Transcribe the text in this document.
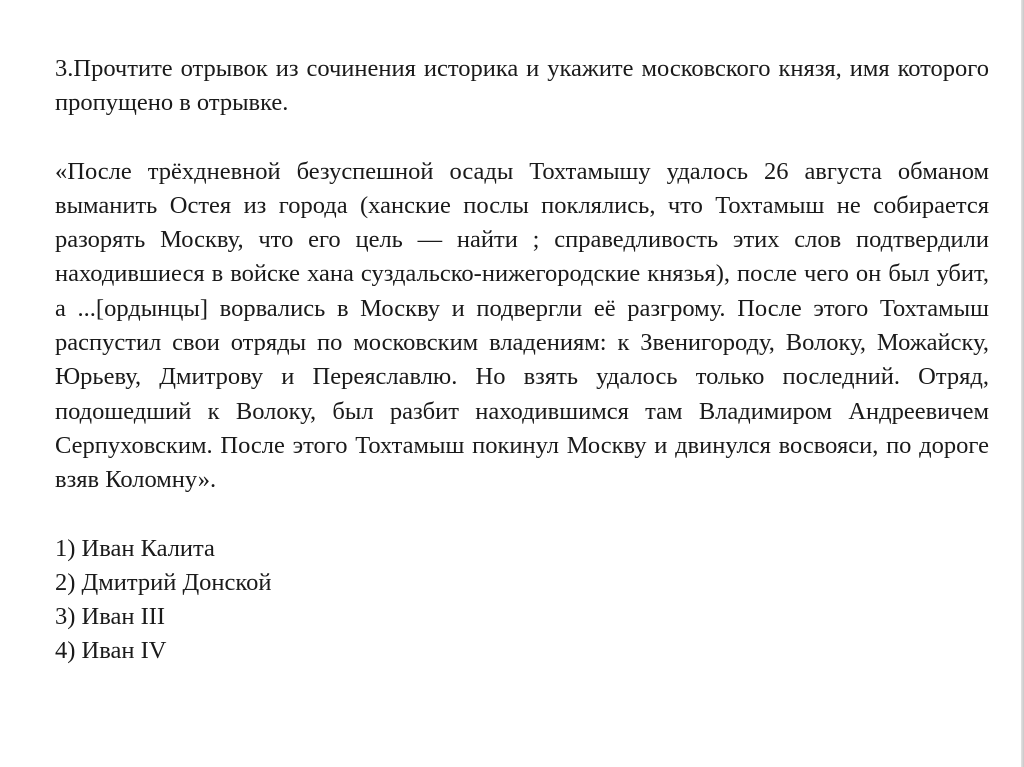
3.Прочтите отрывок из сочинения историка и укажите московского князя, имя которого пропущено в отрывке.

«После трёхдневной безуспешной осады Тохтамышу удалось 26 августа обманом выманить Остея из города (ханские послы поклялись, что Тохтамыш не собирается разорять Москву, что его цель — найти ; справедливость этих слов подтвердили находившиеся в войске хана суздальско-нижегородские князья), после чего он был убит, а ...[ордынцы] ворвались в Москву и подвергли её разгрому. После этого Тохтамыш распустил свои отряды по московским владениям: к Звенигороду, Волоку, Можайску, Юрьеву, Дмитрову и Переяславлю. Но взять удалось только последний. Отряд, подошедший к Волоку, был разбит находившимся там Владимиром Андреевичем Серпуховским. После этого Тохтамыш покинул Москву и двинулся восвояси, по дороге взяв Коломну».

1) Иван Калита
2) Дмитрий Донской
3) Иван III
4) Иван IV
